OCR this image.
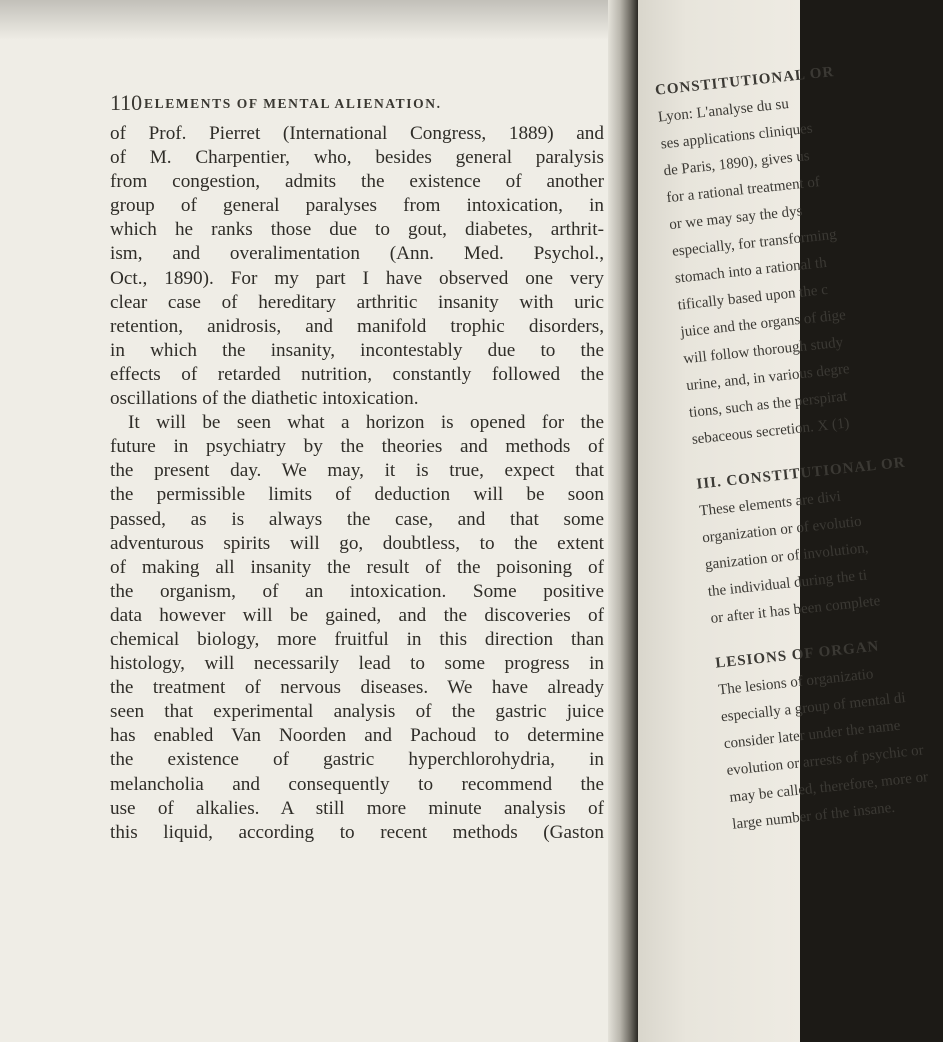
110 ELEMENTS OF MENTAL ALIENATION.
of Prof. Pierret (International Congress, 1889) and
of M. Charpentier, who, besides general paralysis
from congestion, admits the existence of another
group of general paralyses from intoxication, in
which he ranks those due to gout, diabetes, arthrit-
ism, and overalimentation (Ann. Med. Psychol.,
Oct., 1890). For my part I have observed one very
clear case of hereditary arthritic insanity with uric
retention, anidrosis, and manifold trophic disorders,
in which the insanity, incontestably due to the
effects of retarded nutrition, constantly followed the
oscillations of the diathetic intoxication.
It will be seen what a horizon is opened for the
future in psychiatry by the theories and methods of
the present day. We may, it is true, expect that
the permissible limits of deduction will be soon
passed, as is always the case, and that some
adventurous spirits will go, doubtless, to the extent
of making all insanity the result of the poisoning of
the organism, of an intoxication. Some positive
data however will be gained, and the discoveries of
chemical biology, more fruitful in this direction than
histology, will necessarily lead to some progress in
the treatment of nervous diseases. We have already
seen that experimental analysis of the gastric juice
has enabled Van Noorden and Pachoud to determine
the existence of gastric hyperchlorohydria, in
melancholia and consequently to recommend the
use of alkalies. A still more minute analysis of
this liquid, according to recent methods (Gaston
CONSTITUTIONAL OR
Lyon: L'analyse du su
ses applications cliniques
de Paris, 1890), gives us
for a rational treatment of
or we may say the dys
especially, for transforming
stomach into a rational th
tifically based upon the c
juice and the organs of dige
will follow thorough study
urine, and, in various degre
tions, such as the perspirat
sebaceous secretion. X (1)
III. CONSTITUTIONAL OR
These elements are divi
organization or of evolutio
ganization or of involution,
the individual during the ti
or after it has been complete
LESIONS OF ORGAN
The lesions of organizatio
especially a group of mental di
consider later under the name
evolution or arrests of psychic or
may be called, therefore, more or
large number of the insane.
